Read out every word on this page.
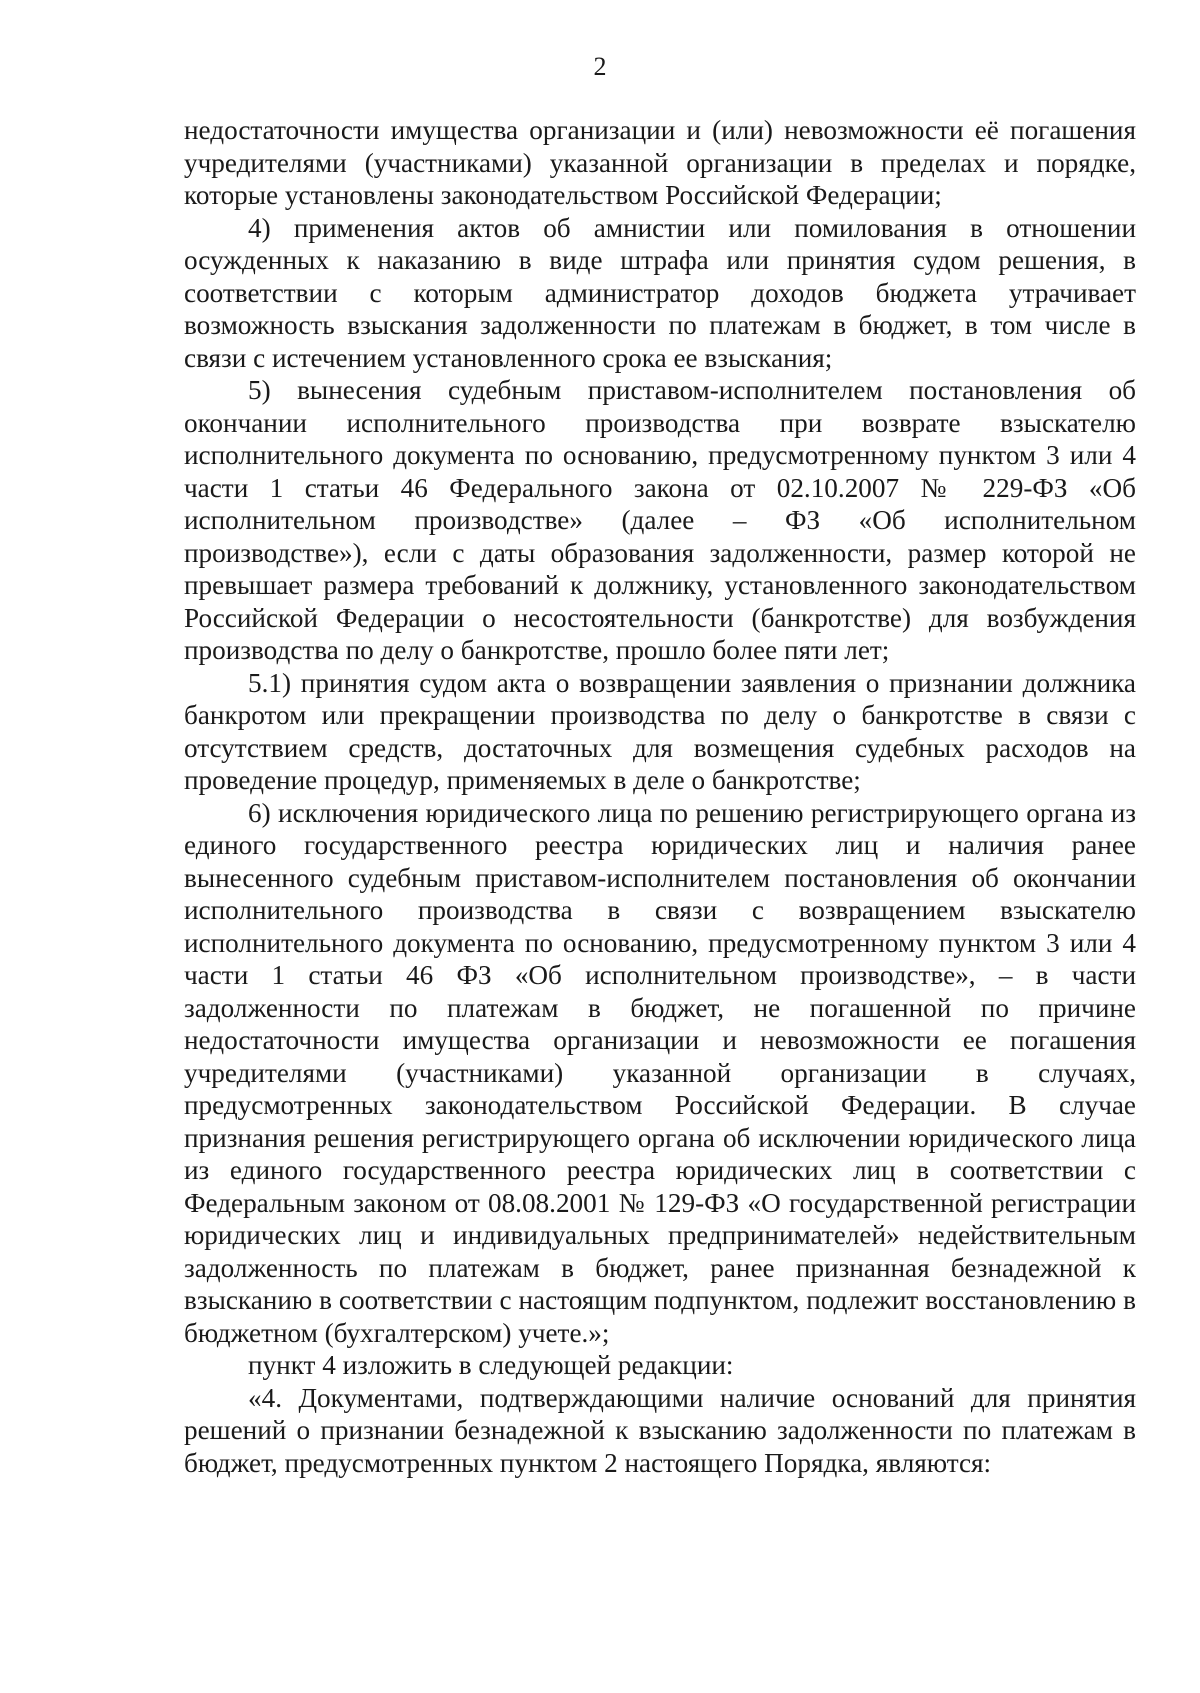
2

недостаточности имущества организации и (или) невозможности её погашения учредителями (участниками) указанной организации в пределах и порядке, которые установлены законодательством Российской Федерации;

4) применения актов об амнистии или помилования в отношении осужденных к наказанию в виде штрафа или принятия судом решения, в соответствии с которым администратор доходов бюджета утрачивает возможность взыскания задолженности по платежам в бюджет, в том числе в связи с истечением установленного срока ее взыскания;

5) вынесения судебным приставом-исполнителем постановления об окончании исполнительного производства при возврате взыскателю исполнительного документа по основанию, предусмотренному пунктом 3 или 4 части 1 статьи 46 Федерального закона от 02.10.2007 № 229-ФЗ «Об исполнительном производстве» (далее – ФЗ «Об исполнительном производстве»), если с даты образования задолженности, размер которой не превышает размера требований к должнику, установленного законодательством Российской Федерации о несостоятельности (банкротстве) для возбуждения производства по делу о банкротстве, прошло более пяти лет;

5.1) принятия судом акта о возвращении заявления о признании должника банкротом или прекращении производства по делу о банкротстве в связи с отсутствием средств, достаточных для возмещения судебных расходов на проведение процедур, применяемых в деле о банкротстве;

6) исключения юридического лица по решению регистрирующего органа из единого государственного реестра юридических лиц и наличия ранее вынесенного судебным приставом-исполнителем постановления об окончании исполнительного производства в связи с возвращением взыскателю исполнительного документа по основанию, предусмотренному пунктом 3 или 4 части 1 статьи 46 ФЗ «Об исполнительном производстве», – в части задолженности по платежам в бюджет, не погашенной по причине недостаточности имущества организации и невозможности ее погашения учредителями (участниками) указанной организации в случаях, предусмотренных законодательством Российской Федерации. В случае признания решения регистрирующего органа об исключении юридического лица из единого государственного реестра юридических лиц в соответствии с Федеральным законом от 08.08.2001 № 129-ФЗ «О государственной регистрации юридических лиц и индивидуальных предпринимателей» недействительным задолженность по платежам в бюджет, ранее признанная безнадежной к взысканию в соответствии с настоящим подпунктом, подлежит восстановлению в бюджетном (бухгалтерском) учете.»;

пункт 4 изложить в следующей редакции:

«4. Документами, подтверждающими наличие оснований для принятия решений о признании безнадежной к взысканию задолженности по платежам в бюджет, предусмотренных пунктом 2 настоящего Порядка, являются:
